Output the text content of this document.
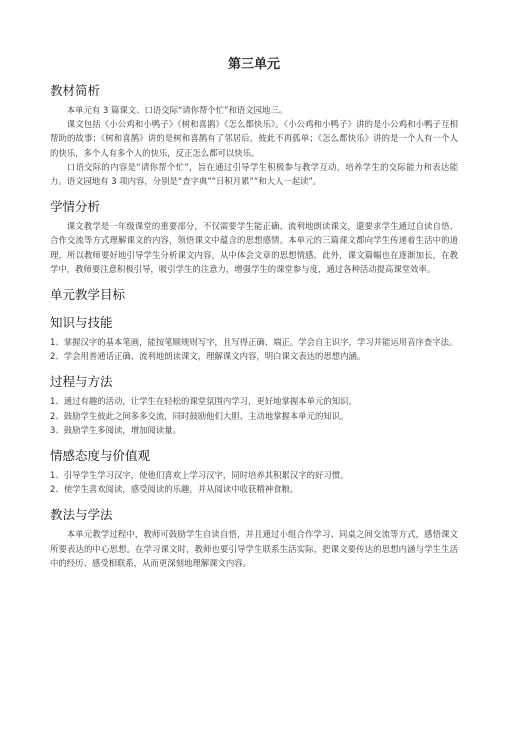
第三单元
教材简析

本单元有 3 篇课文、口语交际“请你帮个忙”和语文园地三。

课文包括《小公鸡和小鸭子》《树和喜鹊》《怎么都快乐》。《小公鸡和小鸭子》讲的是小公鸡和小鸭子互相帮助的故事；《树和喜鹊》讲的是树和喜鹊有了邻居后，彼此不再孤单；《怎么都快乐》讲的是一个人有一个人的快乐，多个人有多个人的快乐，反正怎么都可以快乐。

口语交际的内容是“请你帮个忙”，旨在通过引导学生积极参与教学互动，培养学生的交际能力和表达能力。语文园地有 3 项内容，分别是“查字典”“日积月累”“和大人一起读”。

学情分析

课文教学是一年级课堂的重要部分，不仅需要学生能正确、流利地朗读课文，還要求学生通过自读自悟、合作交流等方式理解课文的内容，领悟课文中蕴含的思想感情。本单元的三篇课文都向学生传递着生活中的道理，所以教师要好地引导学生分析课文内容，从中体会文章的思想情感。此外，课文篇幅也在逐渐加长，在教学中，教师要注意积极引导，吸引学生的注意力，增强学生的课堂参与度，通过各种活动提高课堂效率。

单元教学目标
知识与技能

1、掌握汉字的基本笔画，能按笔顺规则写字，且写得正确、端正。学会自主识字，学习并能运用音序查字法。

2、学会用普通话正确、流利地朗读课文，理解课文内容，明白课文表达的思想内涵。

过程与方法

1、通过有趣的活动，让学生在轻松的课堂氛围内学习，更好地掌握本单元的知识。

2、鼓励学生彼此之间多多交流，同时鼓励他们大胆、主动地掌握本单元的知识。

3、鼓励学生多阅读，增加阅读量。

情感态度与价值观

1、引导学生学习汉字，使他们喜欢上学习汉字，同时培养其积累汉字的好习惯。

2、使学生喜欢阅读，感受阅读的乐趣，并从阅读中收获精神食粮。

教法与学法

本单元教学过程中，教师可鼓励学生自读自悟，并且通过小组合作学习、同桌之间交流等方式，感悟课文所要表达的中心思想。在学习课文时，教师也要引导学生联系生活实际，把课文要传达的思想内涵与学生生活中的经历、感受相联系，从而更深刻地理解课文内容。
